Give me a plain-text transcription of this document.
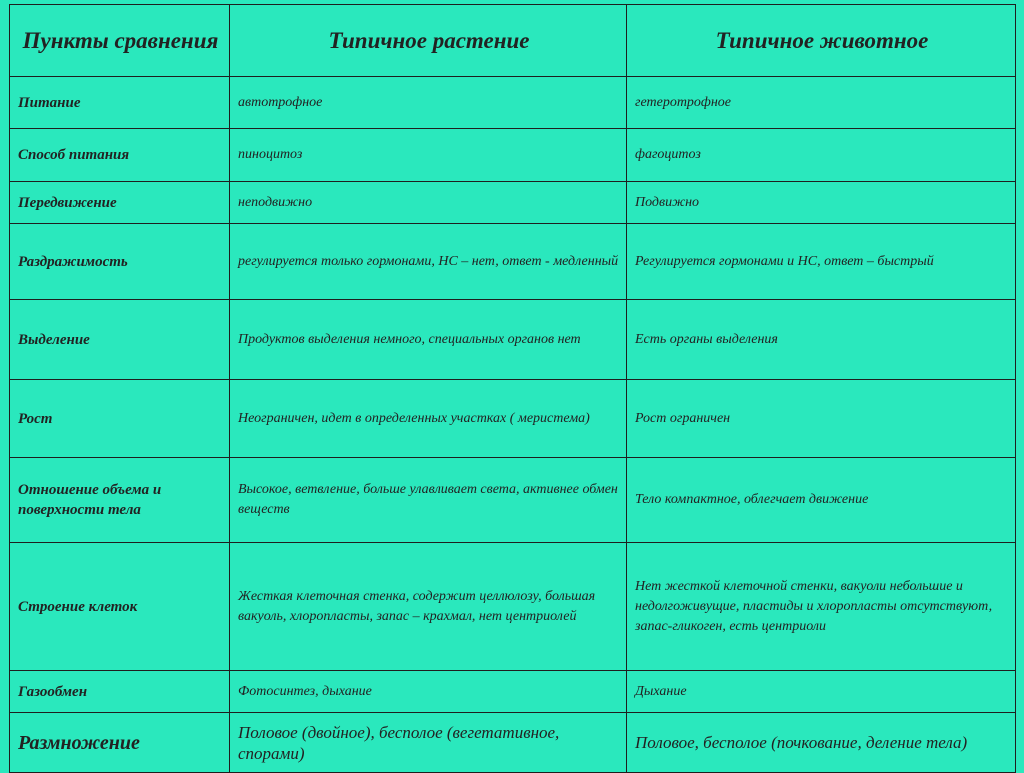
Пункты сравнения	Типичное растение	Типичное животное
Питание	автотрофное	гетеротрофное
Способ питания	пиноцитоз	фагоцитоз
Передвижение	неподвижно	Подвижно
Раздражимость	регулируется только гормонами, НС – нет, ответ - медленный	Регулируется гормонами и НС, ответ – быстрый
Выделение	Продуктов выделения немного, специальных органов нет	Есть органы выделения
Рост	Неограничен, идет в определенных участках ( меристема)	Рост ограничен
Отношение объема и поверхности тела	Высокое, ветвление, больше улавливает света, активнее обмен веществ	Тело компактное, облегчает движение
Строение клеток	Жесткая клеточная стенка, содержит целлюлозу, большая вакуоль, хлоропласты, запас – крахмал, нет центриолей	Нет жесткой клеточной стенки, вакуоли небольшие и недолгоживущие, пластиды и хлоропласты отсутствуют, запас-гликоген, есть центриоли
Газообмен	Фотосинтез, дыхание	Дыхание
Размножение	Половое (двойное), бесполое (вегетативное, спорами)	Половое, бесполое (почкование, деление тела)
